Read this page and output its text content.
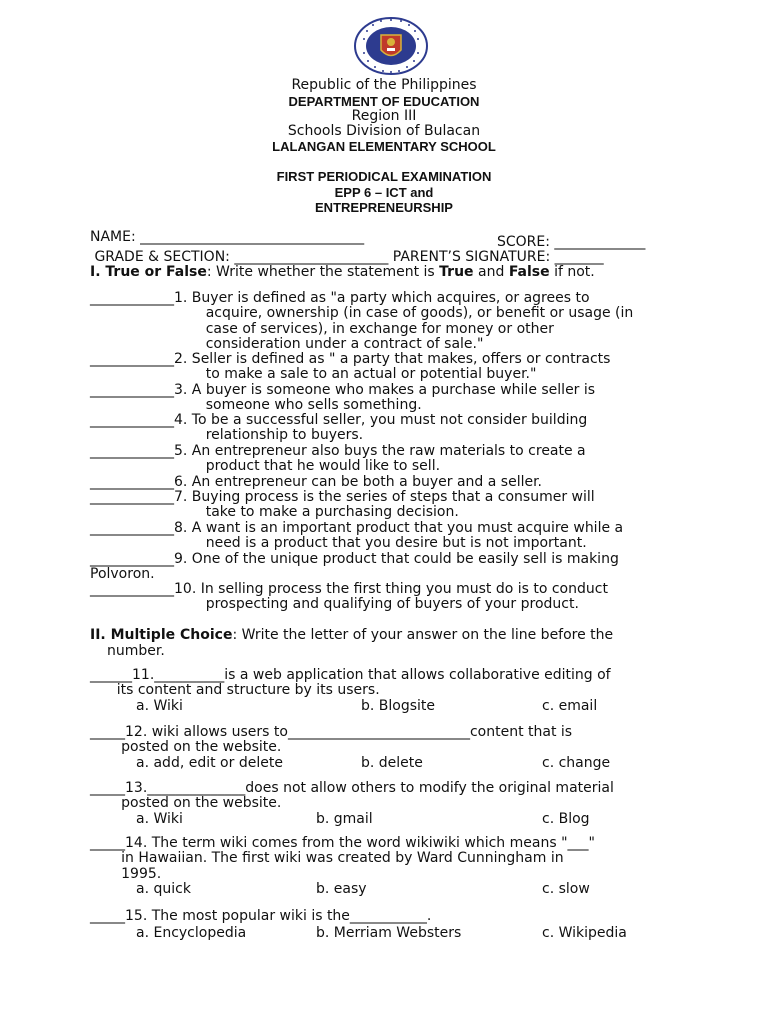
Republic of the Philippines
DEPARTMENT OF EDUCATION
Region III
Schools Division of Bulacan
LALANGAN ELEMENTARY SCHOOL
FIRST PERIODICAL EXAMINATION
EPP 6 – ICT and
ENTREPRENEURSHIP
NAME: ________________________________	SCORE: _____________
GRADE & SECTION: ______________________ PARENT’S SIGNATURE: _______
I. True or False: Write whether the statement is True and False if not.
____________1. Buyer is defined as "a party which acquires, or agrees to
acquire, ownership (in case of goods), or benefit or usage (in
case of services), in exchange for money or other
consideration under a contract of sale."
____________2. Seller is defined as " a party that makes, offers or contracts
to make a sale to an actual or potential buyer."
____________3. A buyer is someone who makes a purchase while seller is
someone who sells something.
____________4. To be a successful seller, you must not consider building
relationship to buyers.
____________5. An entrepreneur also buys the raw materials to create a
product that he would like to sell.
____________6. An entrepreneur can be both a buyer and a seller.
____________7. Buying process is the series of steps that a consumer will
take to make a purchasing decision.
____________8. A want is an important product that you must acquire while a
need is a product that you desire but is not important.
____________9. One of the unique product that could be easily sell is making
Polvoron.
____________10. In selling process the first thing you must do is to conduct
prospecting and qualifying of buyers of your product.
II. Multiple Choice: Write the letter of your answer on the line before the
number.
______11.__________is a web application that allows collaborative editing of
its content and structure by its users.
a. Wiki	b. Blogsite	c. email
_____12. wiki allows users to__________________________content that is
posted on the website.
a. add, edit or delete	b. delete	c. change
_____13.______________does not allow others to modify the original material
posted on the website.
a. Wiki	b. gmail	c. Blog
_____14. The term wiki comes from the word wikiwiki which means "___"
in Hawaiian. The first wiki was created by Ward Cunningham in
1995.
a. quick	b. easy	c. slow
_____15. The most popular wiki is the___________.
a. Encyclopedia	b. Merriam Websters	c. Wikipedia
